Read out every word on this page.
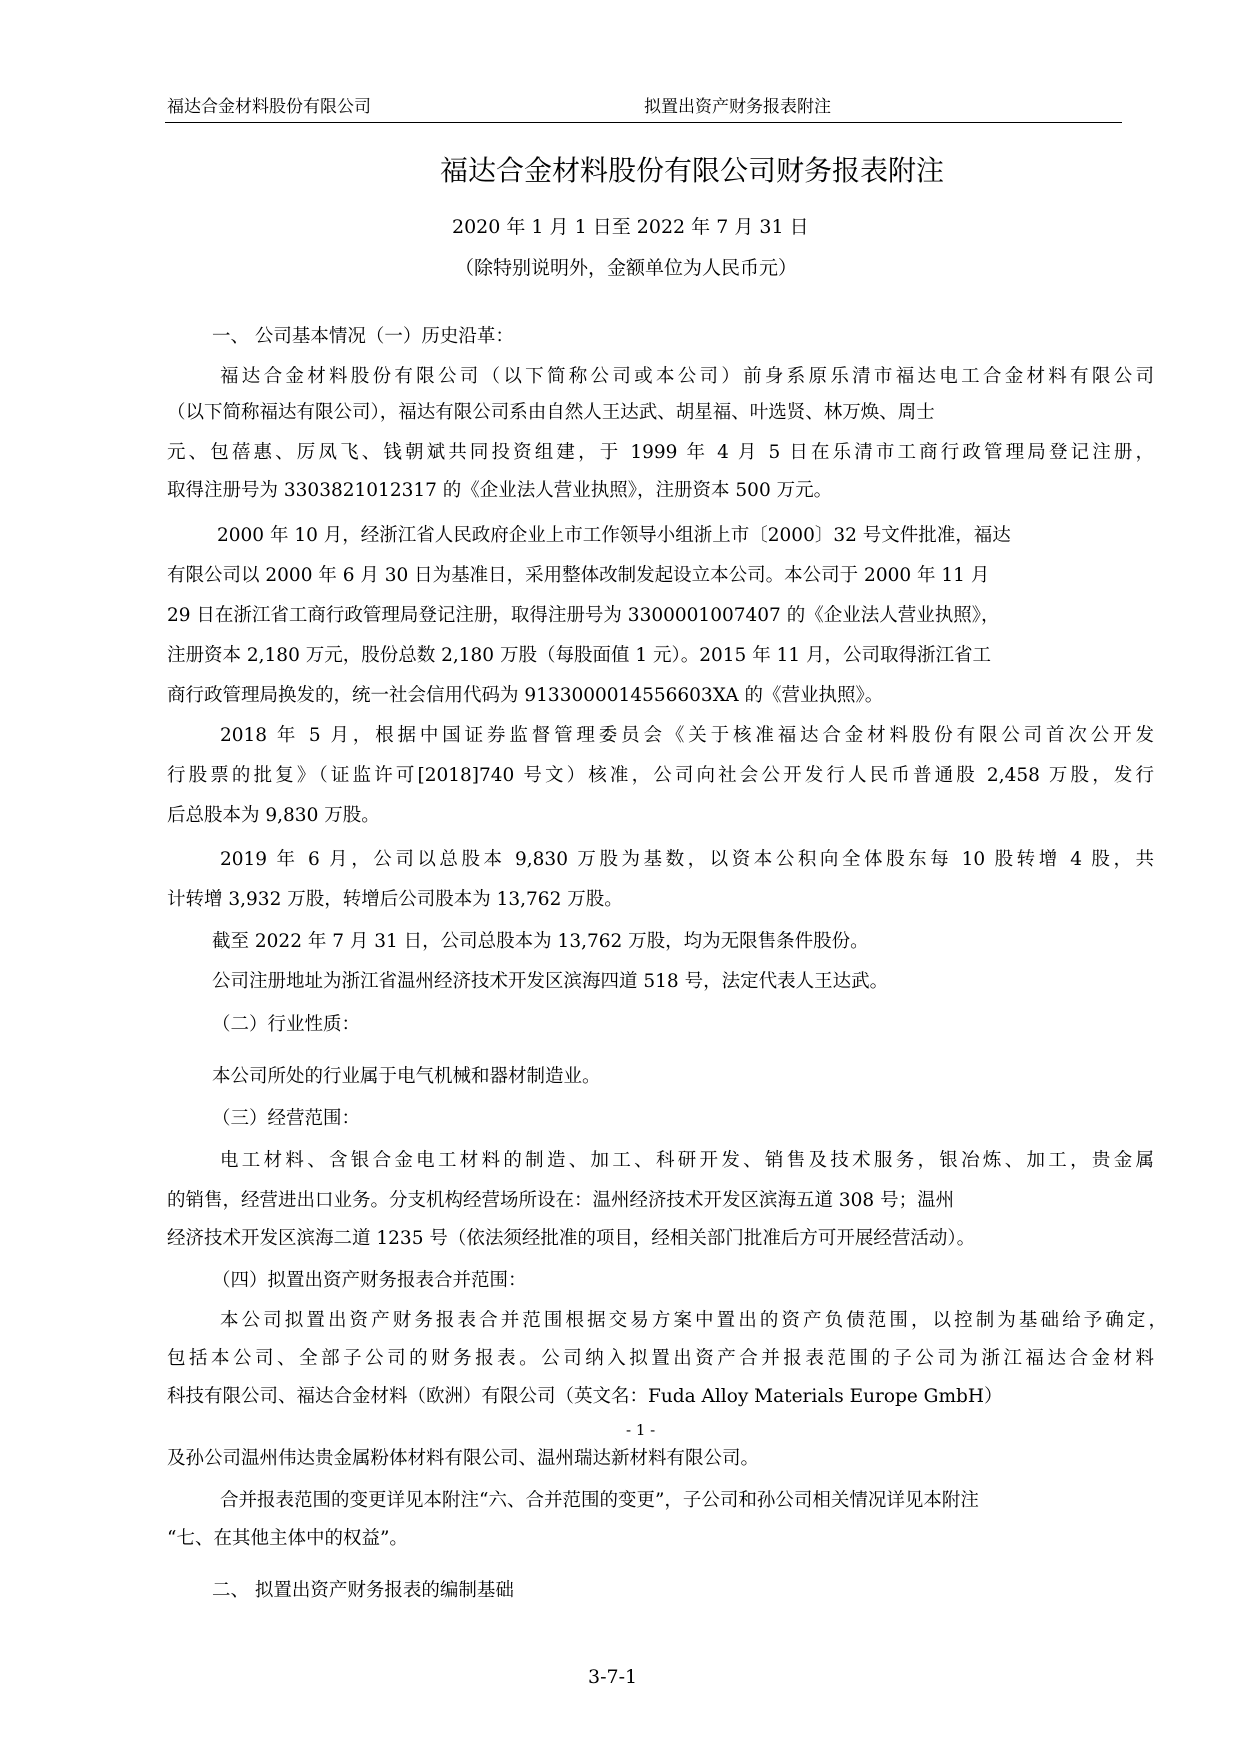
福达合金材料股份有限公司	拟置出资产财务报表附注
福达合金材料股份有限公司财务报表附注
2020 年 1 月 1 日至 2022 年 7 月 31 日
（除特别说明外，金额单位为人民币元）
一、 公司基本情况（一）历史沿革：
福达合金材料股份有限公司（以下简称公司或本公司）前身系原乐清市福达电工合金材料有限公司
（以下简称福达有限公司），福达有限公司系由自然人王达武、胡星福、叶选贤、林万焕、周士
元、包蓓惠、厉凤飞、钱朝斌共同投资组建，于 1999 年 4 月 5 日在乐清市工商行政管理局登记注册，
取得注册号为 3303821012317 的《企业法人营业执照》，注册资本 500 万元。
2000 年 10 月，经浙江省人民政府企业上市工作领导小组浙上市〔2000〕32 号文件批准，福达
有限公司以 2000 年 6 月 30 日为基准日，采用整体改制发起设立本公司。本公司于 2000 年 11 月
29 日在浙江省工商行政管理局登记注册，取得注册号为 3300001007407 的《企业法人营业执照》，
注册资本 2,180 万元，股份总数 2,180 万股（每股面值 1 元）。2015 年 11 月，公司取得浙江省工
商行政管理局换发的，统一社会信用代码为 9133000014556603XA 的《营业执照》。
2018 年 5 月，根据中国证券监督管理委员会《关于核准福达合金材料股份有限公司首次公开发
行股票的批复》（证监许可[2018]740 号文）核准，公司向社会公开发行人民币普通股 2,458 万股，发行
后总股本为 9,830 万股。
2019 年 6 月，公司以总股本 9,830 万股为基数，以资本公积向全体股东每 10 股转增 4 股，共
计转增 3,932 万股，转增后公司股本为 13,762 万股。
截至 2022 年 7 月 31 日，公司总股本为 13,762 万股，均为无限售条件股份。
公司注册地址为浙江省温州经济技术开发区滨海四道 518 号，法定代表人王达武。
（二）行业性质：
本公司所处的行业属于电气机械和器材制造业。
（三）经营范围：
电工材料、含银合金电工材料的制造、加工、科研开发、销售及技术服务，银冶炼、加工，贵金属
的销售，经营进出口业务。分支机构经营场所设在：温州经济技术开发区滨海五道 308 号；温州
经济技术开发区滨海二道 1235 号（依法须经批准的项目，经相关部门批准后方可开展经营活动）。
（四）拟置出资产财务报表合并范围：
本公司拟置出资产财务报表合并范围根据交易方案中置出的资产负债范围，以控制为基础给予确定，
包括本公司、全部子公司的财务报表。公司纳入拟置出资产合并报表范围的子公司为浙江福达合金材料
科技有限公司、福达合金材料（欧洲）有限公司（英文名：Fuda Alloy Materials Europe GmbH）
- 1 -
及孙公司温州伟达贵金属粉体材料有限公司、温州瑞达新材料有限公司。
合并报表范围的变更详见本附注“六、合并范围的变更”，子公司和孙公司相关情况详见本附注
“七、在其他主体中的权益”。
二、 拟置出资产财务报表的编制基础
3-7-1
